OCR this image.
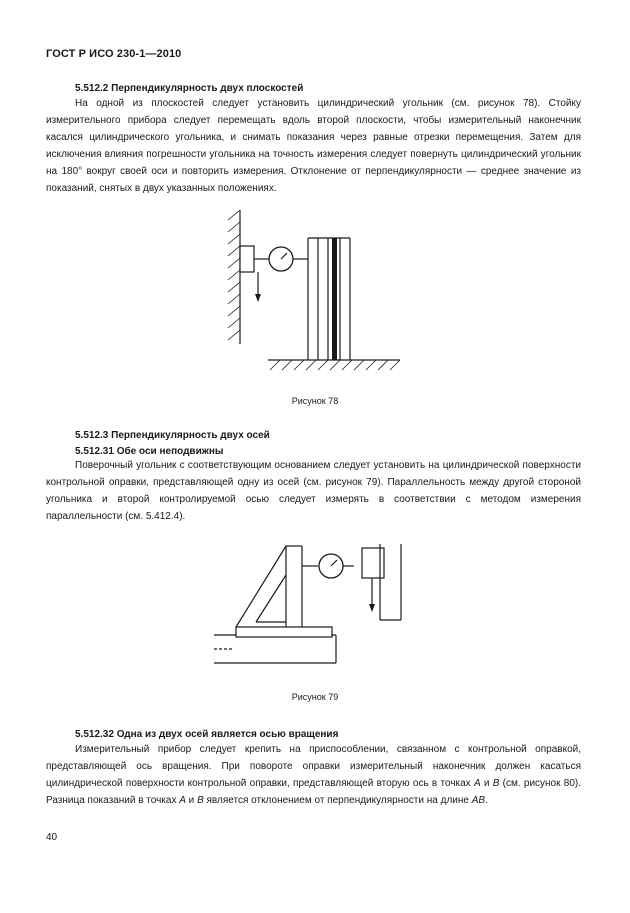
ГОСТ Р ИСО 230-1—2010
5.512.2 Перпендикулярность двух плоскостей

На одной из плоскостей следует установить цилиндрический угольник (см. рисунок 78). Стойку измерительного прибора следует перемещать вдоль второй плоскости, чтобы измерительный наконечник касался цилиндрического угольника, и снимать показания через равные отрезки перемещения. Затем для исключения влияния погрешности угольника на точность измерения следует повернуть цилиндрический угольник на 180° вокруг своей оси и повторить измерения. Отклонение от перпендикулярности — среднее значение из показаний, снятых в двух указанных положениях.

Рисунок 78
5.512.3 Перпендикулярность двух осей
5.512.31 Обе оси неподвижны

Поверочный угольник с соответствующим основанием следует установить на цилиндрической поверхности контрольной оправки, представляющей одну из осей (см. рисунок 79). Параллельность между другой стороной угольника и второй контролируемой осью следует измерять в соответствии с методом измерения параллельности (см. 5.412.4).

Рисунок 79
5.512.32 Одна из двух осей является осью вращения

Измерительный прибор следует крепить на приспособлении, связанном с контрольной оправкой, представляющей ось вращения. При повороте оправки измерительный наконечник должен касаться цилиндрической поверхности контрольной оправки, представляющей вторую ось в точках A и B (см. рисунок 80). Разница показаний в точках A и B является отклонением от перпендикулярности на длине AB.

40
